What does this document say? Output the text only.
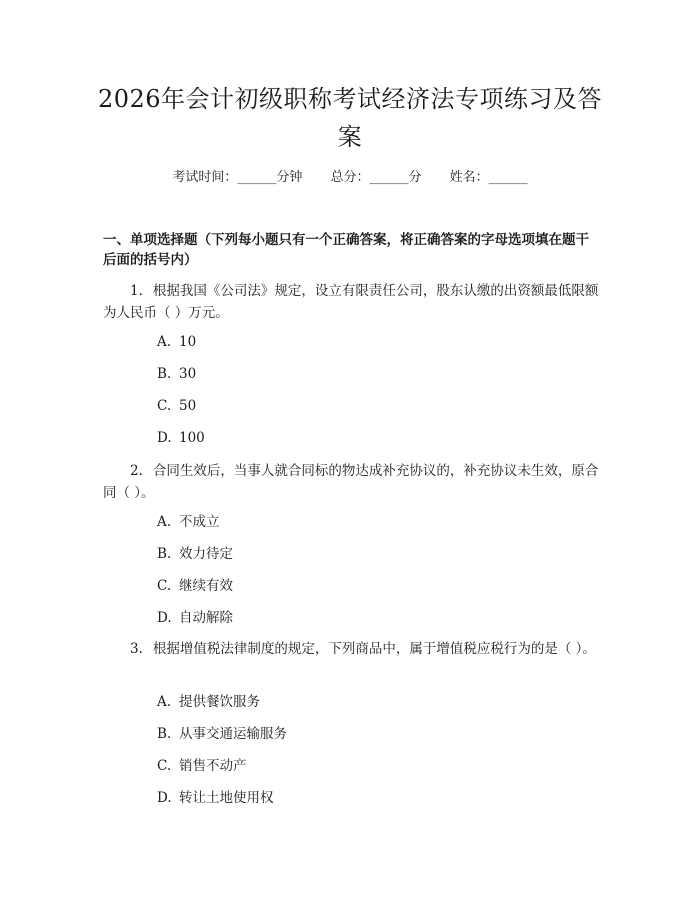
2026年会计初级职称考试经济法专项练习及答案
考试时间：______分钟 总分：______分 姓名：______
一、单项选择题（下列每小题只有一个正确答案，将正确答案的字母选项填在题干后面的括号内）
1. 根据我国《公司法》规定，设立有限责任公司，股东认缴的出资额最低限额为人民币（ ）万元。
A. 10
B. 30
C. 50
D. 100
2. 合同生效后，当事人就合同标的物达成补充协议的，补充协议未生效，原合同（ ）。
A. 不成立
B. 效力待定
C. 继续有效
D. 自动解除
3. 根据增值税法律制度的规定，下列商品中，属于增值税应税行为的是（ ）。
A. 提供餐饮服务
B. 从事交通运输服务
C. 销售不动产
D. 转让土地使用权
